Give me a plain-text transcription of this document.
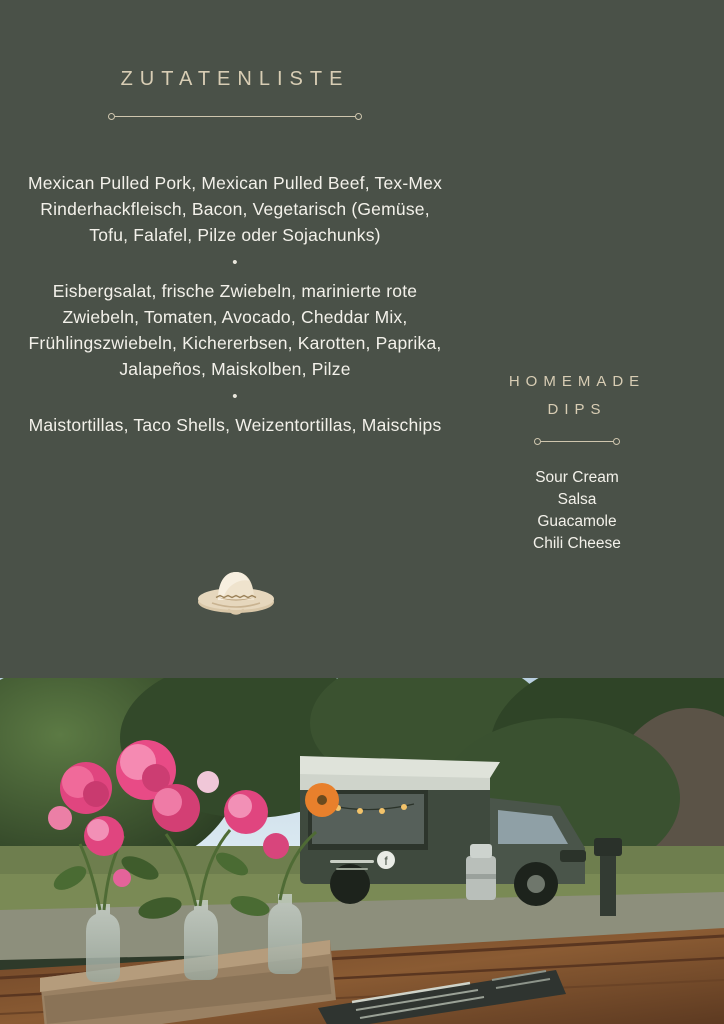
ZUTATENLISTE

Mexican Pulled Pork, Mexican Pulled Beef, Tex-Mex Rinderhackfleisch, Bacon, Vegetarisch (Gemüse, Tofu, Falafel, Pilze oder Sojachunks)

•

Eisbergsalat, frische Zwiebeln, marinierte rote Zwiebeln, Tomaten, Avocado, Cheddar Mix, Frühlingszwiebeln, Kichererbsen, Karotten, Paprika, Jalapeños, Maiskolben, Pilze

•

Maistortillas, Taco Shells, Weizentortillas, Maischips

HOMEMADE
DIPS
Sour Cream
Salsa
Guacamole
Chili Cheese
f
